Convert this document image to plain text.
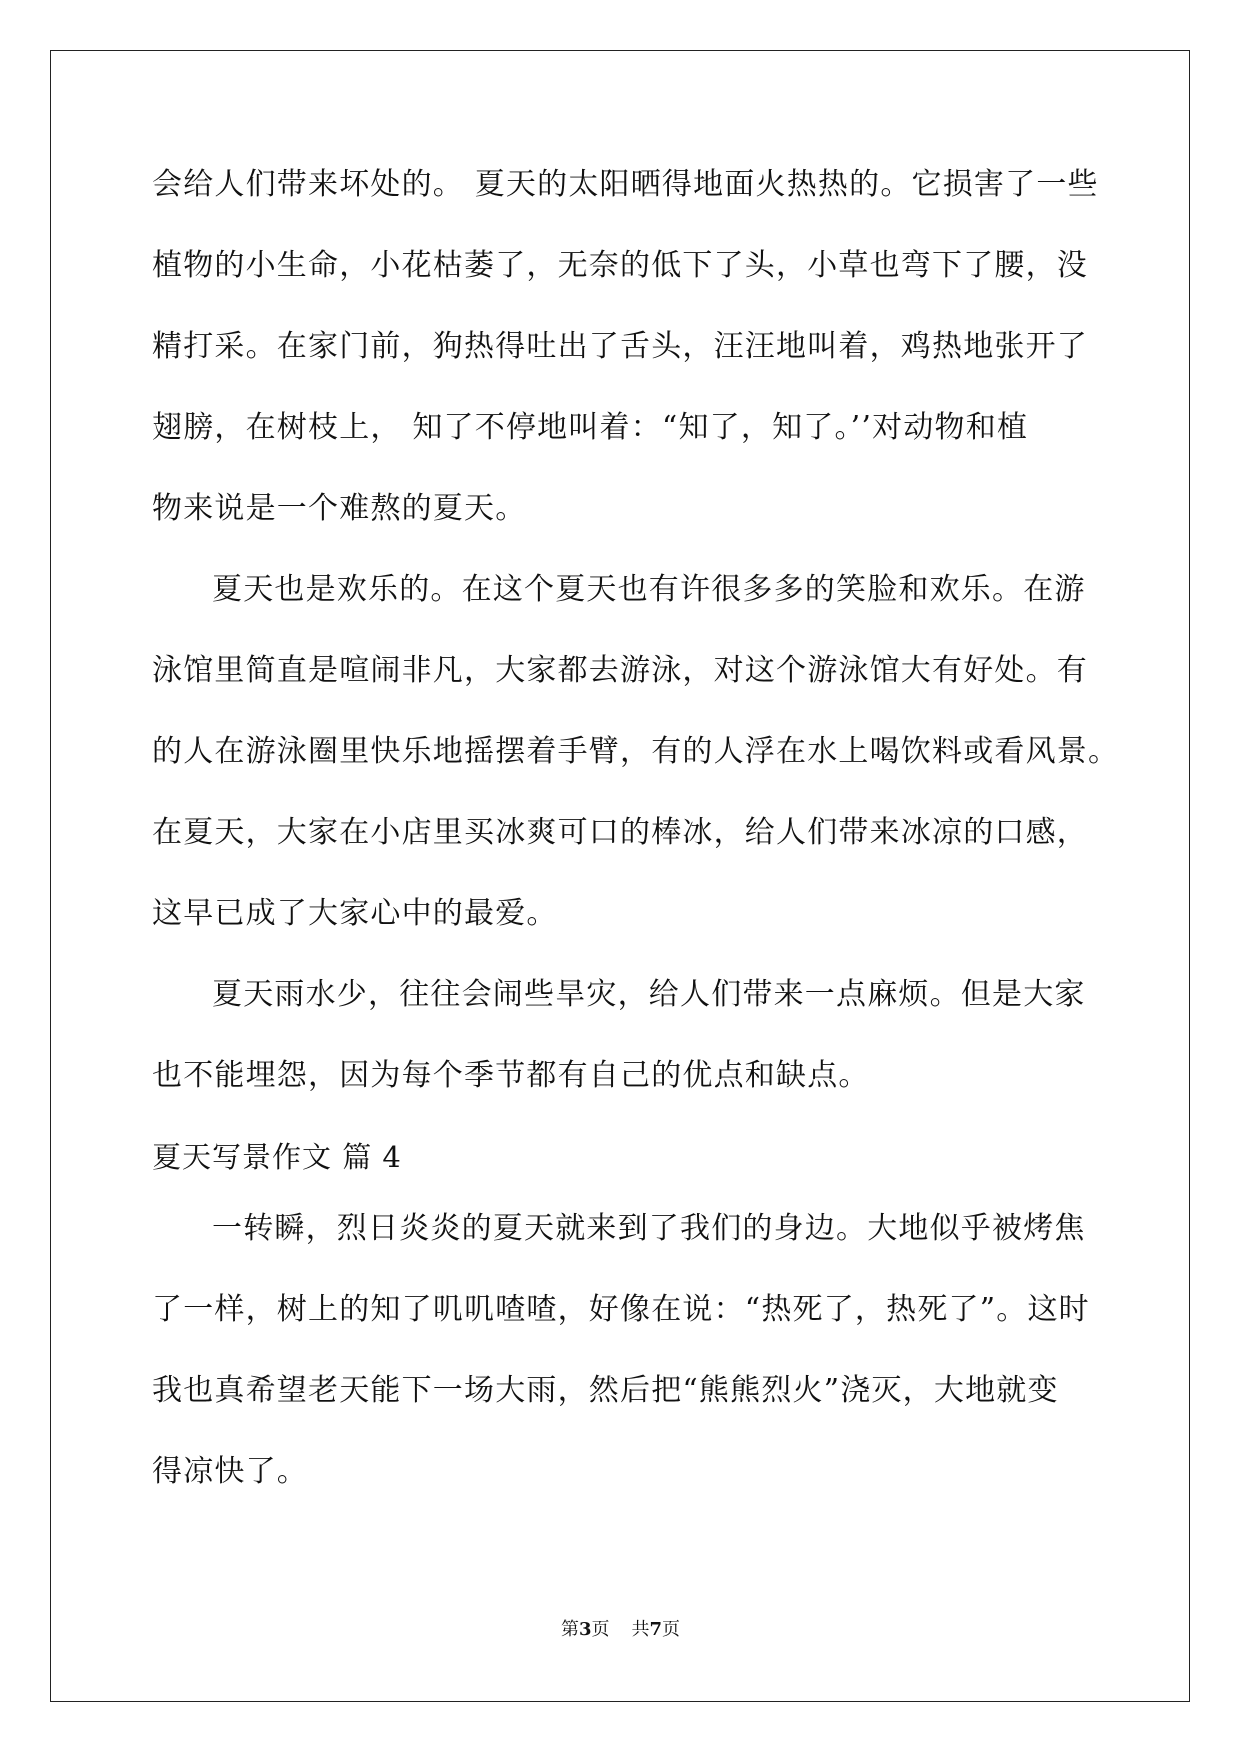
会给人们带来坏处的。 夏天的太阳晒得地面火热热的。它损害了一些
植物的小生命，小花枯萎了，无奈的低下了头，小草也弯下了腰，没
精打采。在家门前，狗热得吐出了舌头，汪汪地叫着，鸡热地张开了
翅膀，在树枝上， 知了不停地叫着：“知了，知了。’’对动物和植
物来说是一个难熬的夏天。
夏天也是欢乐的。在这个夏天也有许很多多的笑脸和欢乐。在游
泳馆里简直是喧闹非凡，大家都去游泳，对这个游泳馆大有好处。有
的人在游泳圈里快乐地摇摆着手臂，有的人浮在水上喝饮料或看风景。
在夏天，大家在小店里买冰爽可口的棒冰，给人们带来冰凉的口感，
这早已成了大家心中的最爱。
夏天雨水少，往往会闹些旱灾，给人们带来一点麻烦。但是大家
也不能埋怨，因为每个季节都有自己的优点和缺点。
夏天写景作文 篇 4
一转瞬，烈日炎炎的夏天就来到了我们的身边。大地似乎被烤焦
了一样，树上的知了叽叽喳喳，好像在说：“热死了，热死了”。这时
我也真希望老天能下一场大雨，然后把“熊熊烈火”浇灭，大地就变
得凉快了。
第3页 共7页
